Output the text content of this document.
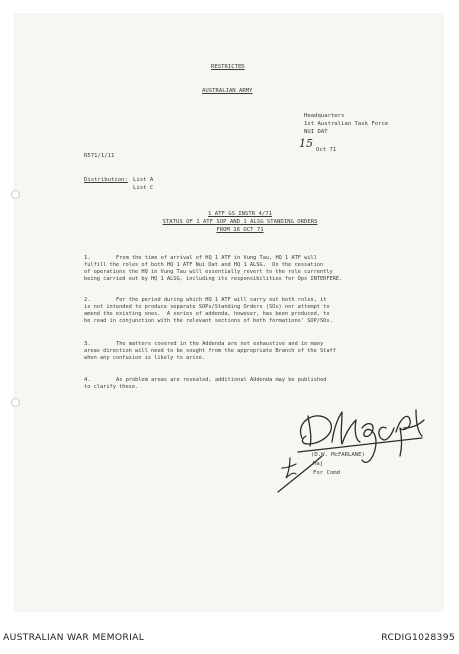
RESTRICTED
AUSTRALIAN ARMY
Headquarters
1st Australian Task Force
NUI DAT
15 Oct 71
R571/1/11
Distribution: List A
List C
1 ATF GS INSTR 4/71
STATUS OF 1 ATF SOP AND 1 ALSG STANDING ORDERS
FROM 16 OCT 71
1.	From the time of arrival of HQ 1 ATF in Vung Tau, HQ 1 ATF will
fulfill the roles of both HQ 1 ATF Nui Dat and HQ 1 ALSG.  On the cessation
of operations the HQ in Vung Tau will essentially revert to the role currently
being carried out by HQ 1 ALSG, including its responsibilities for Ops INTERFERE.
2.	For the period during which HQ 1 ATF will carry out both roles, it
is not intended to produce separate SOPs/Standing Orders (SOs) nor attempt to
amend the existing ones.  A series of addenda, however, has been produced, to
be read in conjunction with the relevant sections of both formations' SOP/SOs.
3.	The matters covered in the Addenda are not exhaustive and in many
areas direction will need to be sought from the appropriate Branch of the Staff
when any confusion is likely to arise.
4.	As problem areas are revealed, additional Addenda may be published
to clarify these.
(D.W. McFARLANE)
Maj
For Comd
AUSTRALIAN WAR MEMORIAL	RCDIG1028395
